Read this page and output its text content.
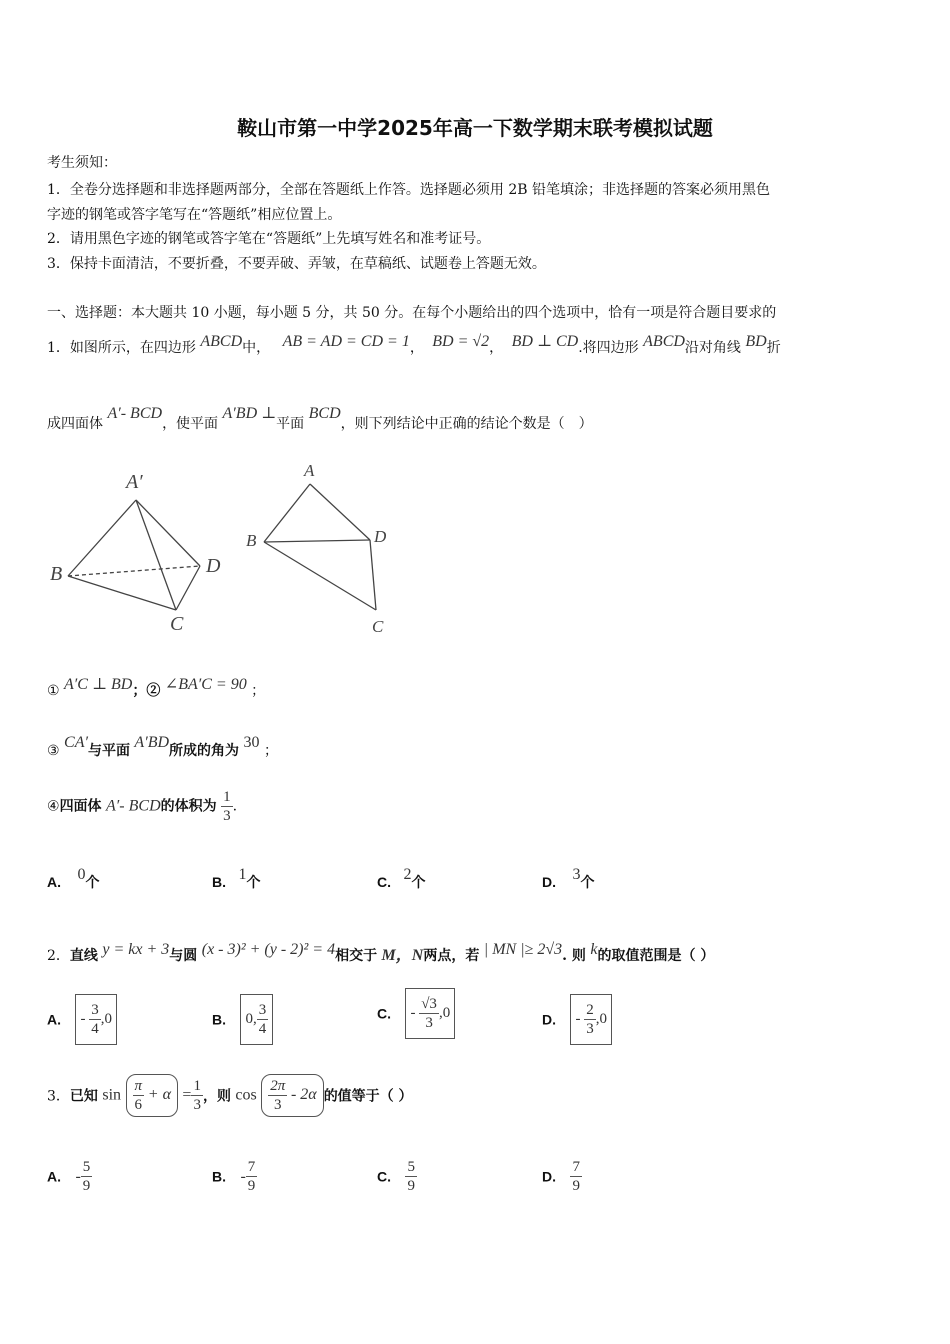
鞍山市第一中学2025年高一下数学期末联考模拟试题
考生须知：
1．全卷分选择题和非选择题两部分，全部在答题纸上作答。选择题必须用 2B 铅笔填涂；非选择题的答案必须用黑色
字迹的钢笔或答字笔写在“答题纸”相应位置上。
2．请用黑色字迹的钢笔或答字笔在“答题纸”上先填写姓名和准考证号。
3．保持卡面清洁，不要折叠，不要弄破、弄皱，在草稿纸、试题卷上答题无效。
一、选择题：本大题共 10 小题，每小题 5 分，共 50 分。在每个小题给出的四个选项中，恰有一项是符合题目要求的
1．如图所示，在四边形 ABCD中， AB = AD = CD = 1， BD = √2， BD ⊥ CD.将四边形 ABCD沿对角线 BD折
成四面体 A′- BCD，使平面 A′BD ⊥平面 BCD，则下列结论中正确的结论个数是（　）
A′
B	D
C
A
B	D
C
① A′C ⊥ BD；② ∠BA′C = 90 ；
③ CA′与平面 A′BD所成的角为 30 ；
④四面体 A′- BCD的体积为 $\frac{1}{3}$ .
A. 0个	B. 1个	C. 2个	D. 3个
2．直线 y = kx + 3与圆 (x - 3)² + (y - 2)² = 4相交于 M，N两点，若 | MN |≥ 2√3. 则 k的取值范围是（ ）
A. - $\frac{3}{4} ,0$	B. 0, $\frac{3}{4}$	C. - $\frac{√3}{3} ,0$	D. - $\frac{2}{3} ,0$
3．已知 $\sin \frac{\pi}{6} + \alpha = \frac{1}{3}$ ，则 $\cos \frac{2\pi}{3} - 2\alpha$ 的值等于（ ）
A. - $\frac{5}{9}$	B. - $\frac{7}{9}$	C. $\frac{5}{9}$	D. $\frac{7}{9}$
